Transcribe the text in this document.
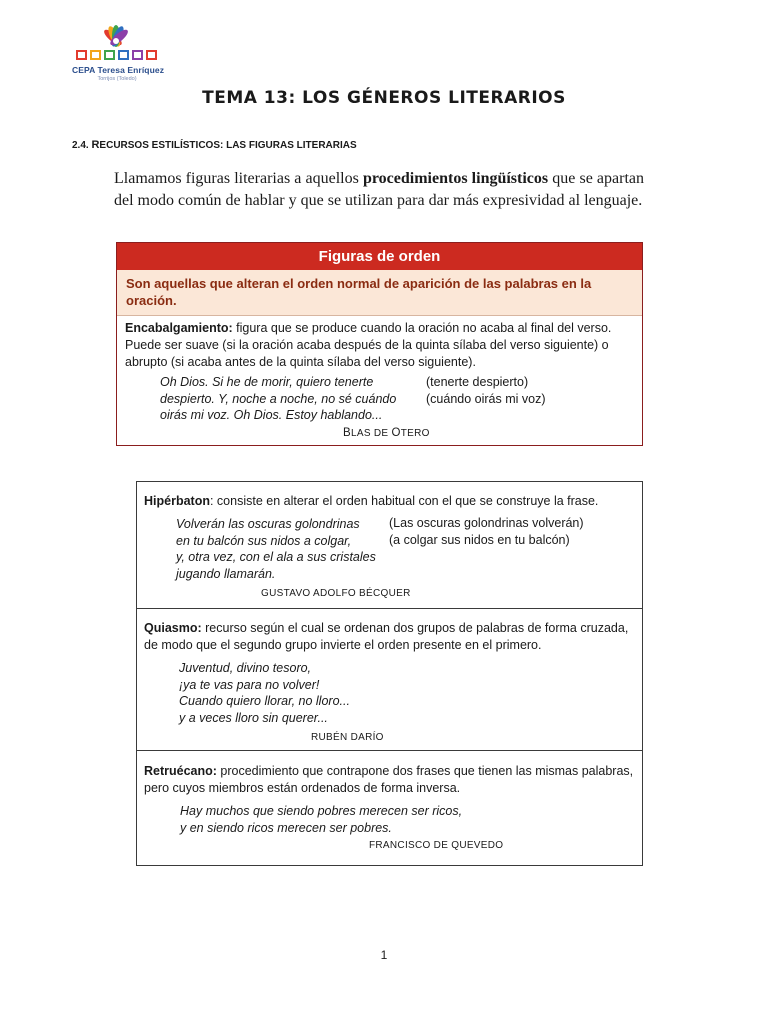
CEPA Teresa Enríquez
Torrijos (Toledo)
TEMA 13: LOS GÉNEROS LITERARIOS
2.4. RECURSOS ESTILÍSTICOS: LAS FIGURAS LITERARIAS
Llamamos figuras literarias a aquellos procedimientos lingüísticos que se apartan del modo común de hablar y que se utilizan para dar más expresividad al lenguaje.
Figuras de orden
Son aquellas que alteran el orden normal de aparición de las palabras en la oración.
Encabalgamiento: figura que se produce cuando la oración no acaba al final del verso. Puede ser suave (si la oración acaba después de la quinta sílaba del verso siguiente) o abrupto (si acaba antes de la quinta sílaba del verso siguiente).
Oh Dios. Si he de morir, quiero tenerte
despierto. Y, noche a noche, no sé cuándo
oirás mi voz. Oh Dios. Estoy hablando...
(tenerte despierto)
(cuándo oirás mi voz)
BLAS DE OTERO
Hipérbaton: consiste en alterar el orden habitual con el que se construye la frase.
Volverán las oscuras golondrinas
en tu balcón sus nidos a colgar,
y, otra vez, con el ala a sus cristales
jugando llamarán.
(Las oscuras golondrinas volverán)
(a colgar sus nidos en tu balcón)
GUSTAVO ADOLFO BÉCQUER
Quiasmo: recurso según el cual se ordenan dos grupos de palabras de forma cruzada, de modo que el segundo grupo invierte el orden presente en el primero.
Juventud, divino tesoro,
¡ya te vas para no volver!
Cuando quiero llorar, no lloro...
y a veces lloro sin querer...
RUBÉN DARÍO
Retruécano: procedimiento que contrapone dos frases que tienen las mismas palabras, pero cuyos miembros están ordenados de forma inversa.
Hay muchos que siendo pobres merecen ser ricos,
y en siendo ricos merecen ser pobres.
FRANCISCO DE QUEVEDO
1
